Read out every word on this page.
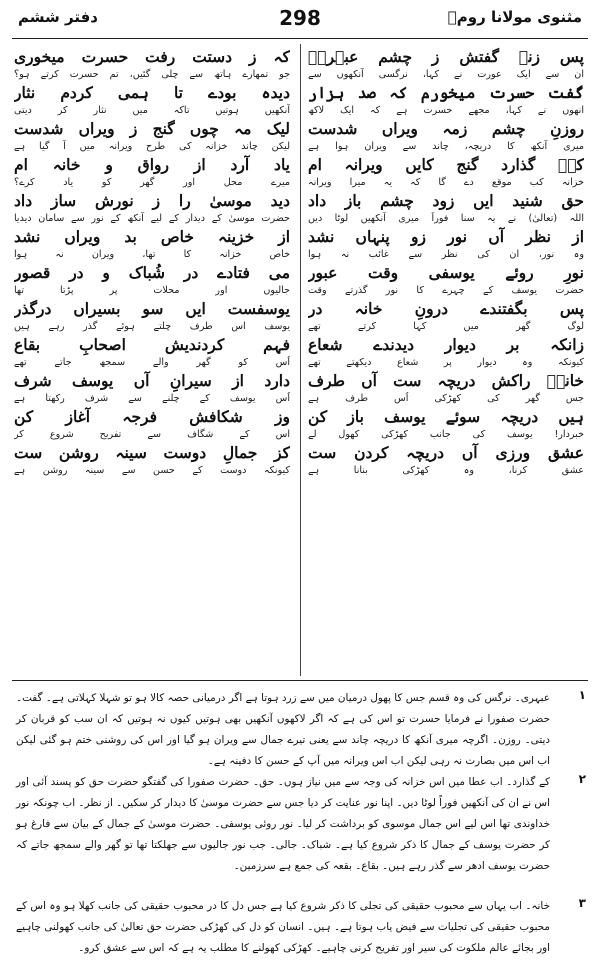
مثنوی مولانا رومؒ
298
دفتر ششم
پس زنے گفتش ز چشم عبہریؔ
ان سے ایک عورت نے کہا، نرگسی آنکھوں سے
گفت حسرت میخورم کہ صد ہزار
انھوں نے کہا، مجھے حسرت ہے کہ ایک لاکھ
روزنِ چشم زمہ ویراں شدست
میری آنکھ کا دریچہ، چاند سے ویران ہوا ہے
کےؔ گذارد گنج کایں ویرانہ ام
خزانہ کب موقع دے گا کہ یہ میرا ویرانہ
حق شنید ایں زود چشم باز داد
اللہ (تعالیٰ) نے یہ سنا فوراً میری آنکھیں لوٹا دیں
از نظر آں نور زو پنہاں نشد
وہ نور، ان کی نظر سے غائب نہ ہوا
نورِ روئے یوسفی وقت عبور
حضرت یوسف کے چہرے کا نور گذرتے وقت
پس بگفتندے درونِ خانہ در
لوگ گھر میں کہا کرتے تھے
زانکہ بر دیوار دیدندے شعاع
کیونکہ وہ دیوار پر شعاع دیکھتے تھے
خانہؔ راکش دریچہ ست آں طرف
جس گھر کی کھڑکی اُس طرف ہے
ہیں دریچہ سوئے یوسف باز کن
خبردار! یوسف کی جانب کھڑکی کھول لے
عشق ورزی آں دریچہ کردن ست
عشق کرنا، وہ کھڑکی بنانا ہے
کہ ز دستت رفت حسرت میخوری
جو تمھارے ہاتھ سے چلی گئیں، تم حسرت کرتے ہو؟
دیدہ بودے تا ہمی کردم نثار
آنکھیں ہوتیں تاکہ میں نثار کر دیتی
لیک مہ چوں گنج ز ویراں شدست
لیکن چاند خزانہ کی طرح ویرانہ میں آ گیا ہے
یاد آرد از رواق و خانہ ام
میرے محل اور گھر کو یاد کرے؟
دید موسیٰ را ز نورش ساز داد
حضرت موسیٰ کے دیدار کے لیے آنکھ کے نور سے سامان دیدیا
از خزینہ خاص بد ویراں نشد
خاص خزانہ کا تھا، ویران نہ ہوا
می فتادے در شُباک و در قصور
جالیوں اور محلات پر پڑتا تھا
یوسفست ایں سو بسیراں درگذر
یوسف اس طرف چلتے ہوئے گذر رہے ہیں
فہم کردندیش اصحابِ بقاع
اُس کو گھر والے سمجھ جاتے تھے
دارد از سیرانِ آں یوسف شرف
اُس یوسف کے چلنے سے شرف رکھتا ہے
وز شکافش فرجہ آغاز کن
اس کے شگاف سے تفریح شروع کر
کز جمالِ دوست سینہ روشن ست
کیونکہ دوست کے حسن سے سینہ روشن ہے
۱
عبہری۔ نرگس کی وہ قسم جس کا پھول درمیان میں سے زرد ہوتا ہے اگر درمیانی حصہ کالا ہو تو شہلا کہلاتی ہے۔ گفت۔ حضرت صفورا نے فرمایا حسرت تو اس کی ہے کہ اگر لاکھوں آنکھیں بھی ہوتیں کیوں نہ ہوتیں کہ ان سب کو قربان کر دیتی۔ روزن۔ اگرچہ میری آنکھ کا دریچہ چاند سے یعنی تیرے جمال سے ویران ہو گیا اور اس کی روشنی ختم ہو گئی لیکن اب اس میں بصارت نہ رہی لیکن اب اس ویرانہ میں آپ کے حسن کا دفینہ ہے۔
۲
کے گذارد۔ اب عطا میں اس خزانہ کی وجہ سے میں نیاز ہوں۔ حق۔ حضرت صفورا کی گفتگو حضرت حق کو پسند آئی اور اس نے ان کی آنکھیں فوراً لوٹا دیں۔ اپنا نور عنایت کر دیا جس سے حضرت موسیٰ کا دیدار کر سکیں۔ از نظر۔ اب چونکہ نور خداوندی تھا اس لیے اس جمال موسوی کو برداشت کر لیا۔ نور روئی یوسفی۔ حضرت موسیٰ کے جمال کے بیان سے فارغ ہو کر حضرت یوسف کے جمال کا ذکر شروع کیا ہے۔ شباک۔ جالی۔ جب نور جالیوں سے جھلکتا تھا تو گھر والے سمجھ جاتے کہ حضرت یوسف ادھر سے گذر رہے ہیں۔ بقاع۔ بقعہ کی جمع ہے سرزمین۔
۳
خانہ۔ اب یہاں سے محبوب حقیقی کی تجلی کا ذکر شروع کیا ہے جس دل کا در محبوب حقیقی کی جانب کھلا ہو وہ اس کے محبوب حقیقی کی تجلیات سے فیض یاب ہوتا ہے۔ ہیں۔ انسان کو دل کی کھڑکی حضرت حق تعالیٰ کی جانب کھولنی چاہیے اور بجائے عالم ملکوت کی سیر اور تفریح کرنی چاہیے۔ کھڑکی کھولنے کا مطلب یہ ہے کہ اس سے عشق کرو۔
